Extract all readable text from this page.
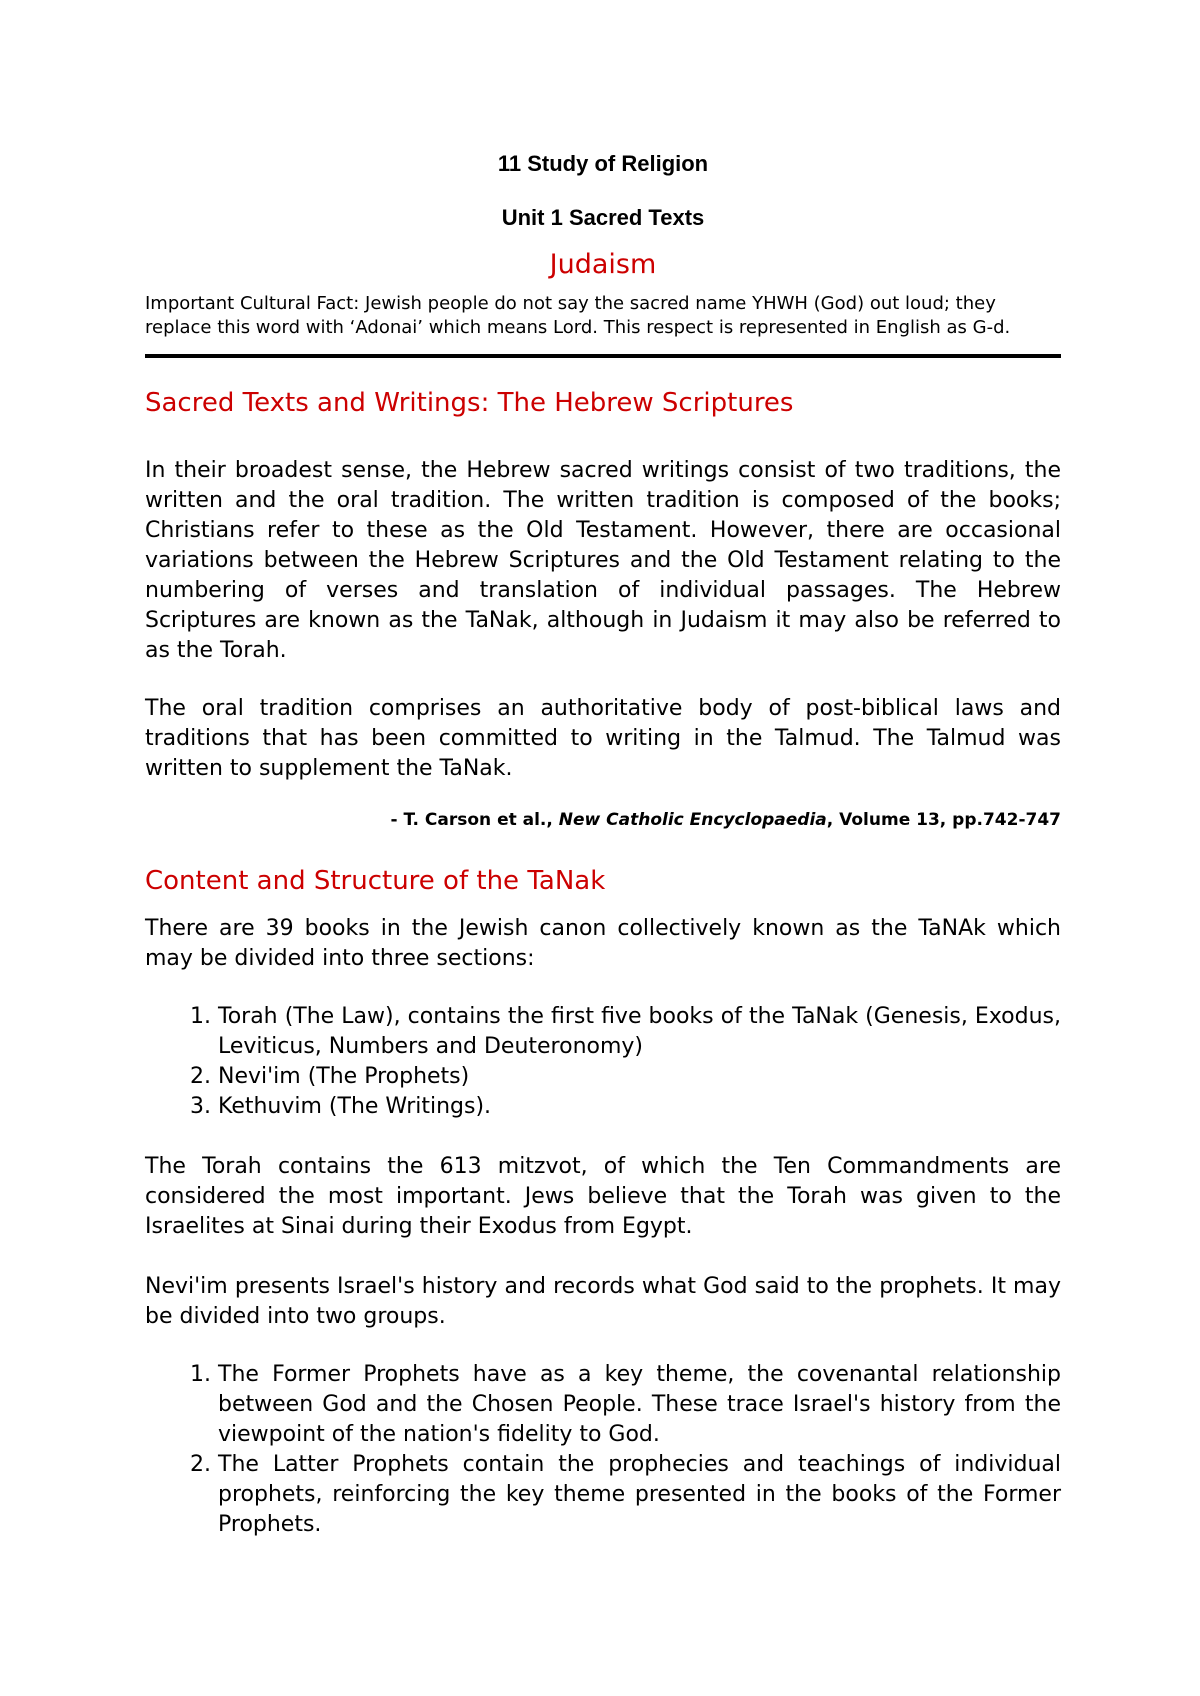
11 Study of Religion

Unit 1 Sacred Texts

Judaism

Important Cultural Fact: Jewish people do not say the sacred name YHWH (God) out loud; they replace this word with ‘Adonai’ which means Lord. This respect is represented in English as G-d.

Sacred Texts and Writings: The Hebrew Scriptures

In their broadest sense, the Hebrew sacred writings consist of two traditions, the written and the oral tradition. The written tradition is composed of the books; Christians refer to these as the Old Testament. However, there are occasional variations between the Hebrew Scriptures and the Old Testament relating to the numbering of verses and translation of individual passages. The Hebrew Scriptures are known as the TaNak, although in Judaism it may also be referred to as the Torah.

The oral tradition comprises an authoritative body of post-biblical laws and traditions that has been committed to writing in the Talmud. The Talmud was written to supplement the TaNak.

- T. Carson et al., New Catholic Encyclopaedia, Volume 13, pp.742-747
Content and Structure of the TaNak

There are 39 books in the Jewish canon collectively known as the TaNAk which may be divided into three sections:

1. Torah (The Law), contains the first five books of the TaNak (Genesis, Exodus, Leviticus, Numbers and Deuteronomy)
2. Nevi'im (The Prophets)
3. Kethuvim (The Writings).

The Torah contains the 613 mitzvot, of which the Ten Commandments are considered the most important. Jews believe that the Torah was given to the Israelites at Sinai during their Exodus from Egypt.

Nevi'im presents Israel's history and records what God said to the prophets. It may be divided into two groups.

1. The Former Prophets have as a key theme, the covenantal relationship between God and the Chosen People. These trace Israel's history from the viewpoint of the nation's fidelity to God.
2. The Latter Prophets contain the prophecies and teachings of individual prophets, reinforcing the key theme presented in the books of the Former Prophets.
